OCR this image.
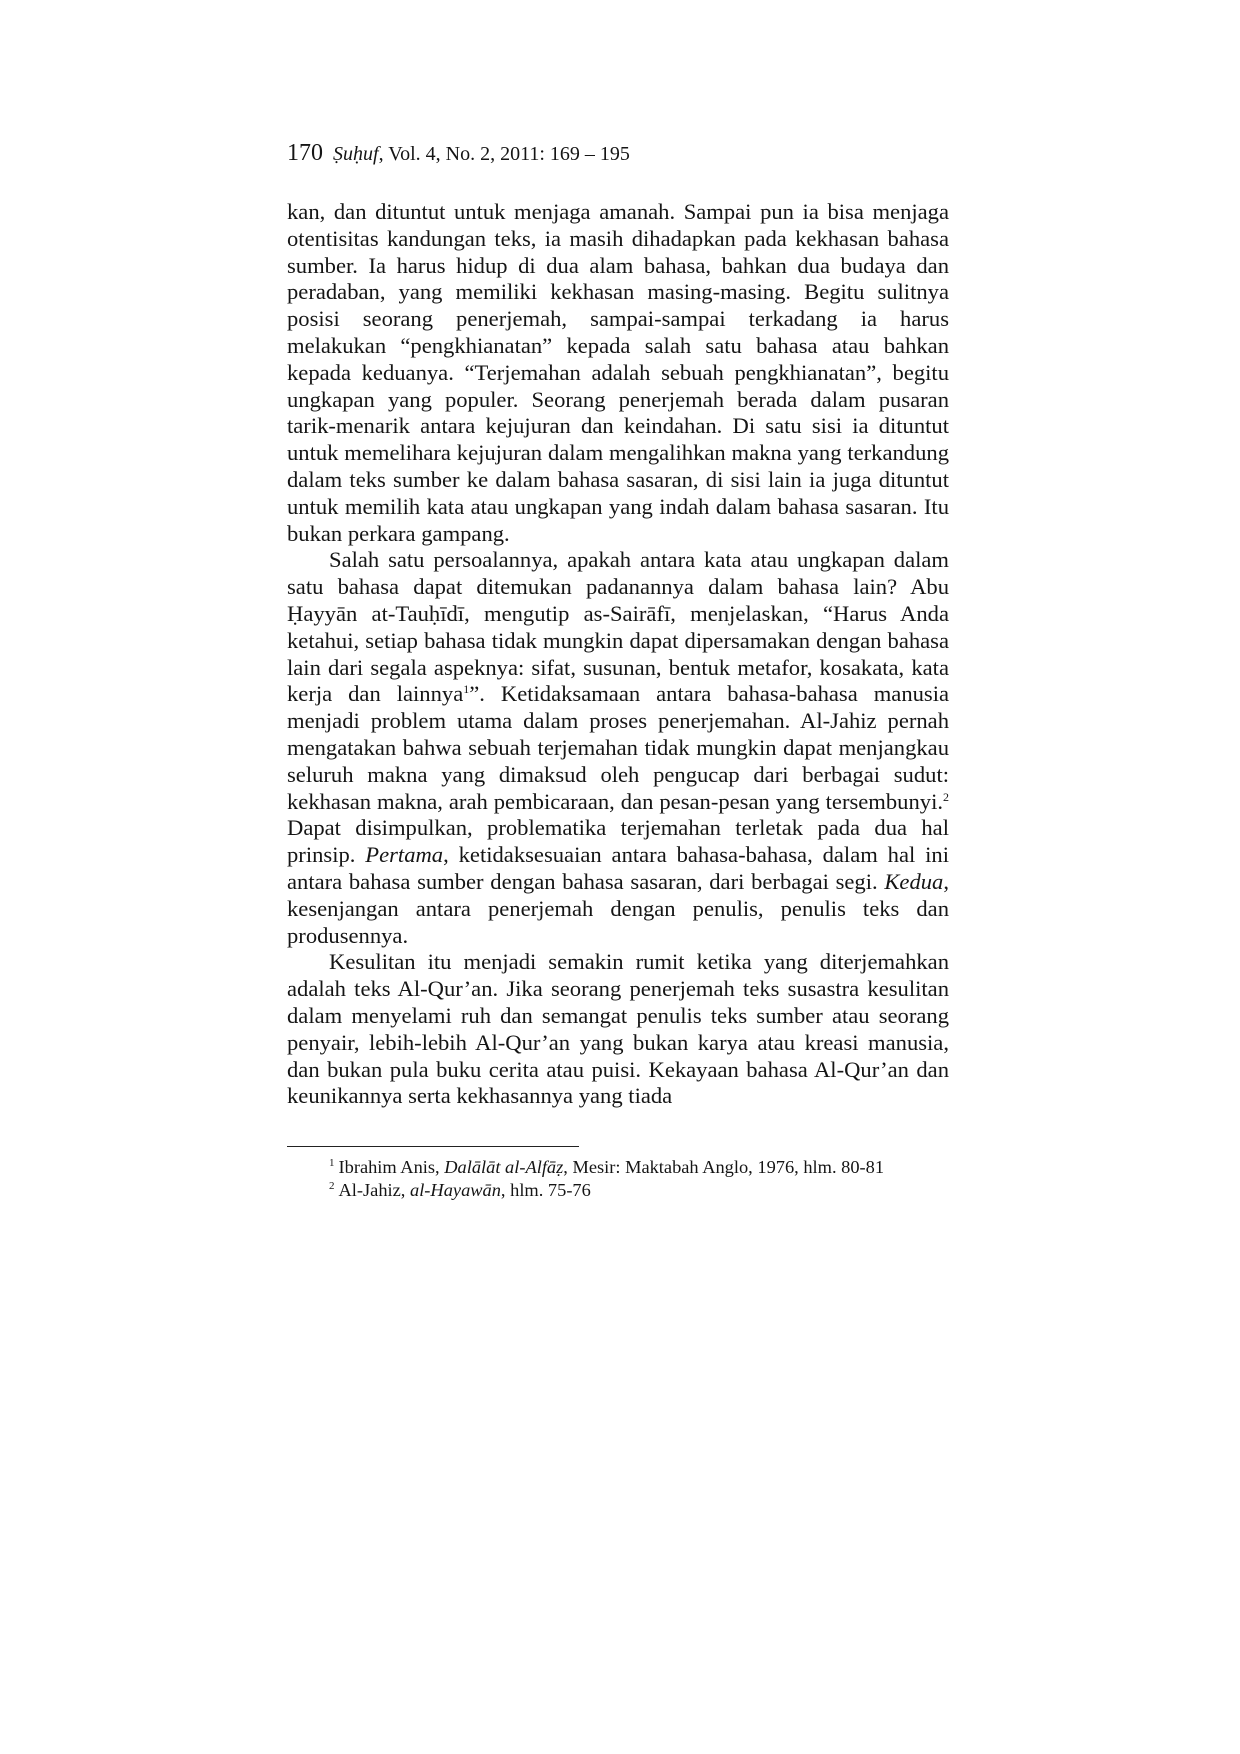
170 Ṣuḥuf, Vol. 4, No. 2, 2011: 169 – 195

kan, dan dituntut untuk menjaga amanah. Sampai pun ia bisa menjaga otentisitas kandungan teks, ia masih dihadapkan pada kekhasan bahasa sumber. Ia harus hidup di dua alam bahasa, bahkan dua budaya dan peradaban, yang memiliki kekhasan masing-masing. Begitu sulitnya posisi seorang penerjemah, sampai-sampai terkadang ia harus melakukan “pengkhianatan” kepada salah satu bahasa atau bahkan kepada keduanya. “Terjemahan adalah sebuah pengkhianatan”, begitu ungkapan yang populer. Seorang penerjemah berada dalam pusaran tarik-menarik antara kejujuran dan keindahan. Di satu sisi ia dituntut untuk memelihara kejujuran dalam mengalihkan makna yang terkandung dalam teks sumber ke dalam bahasa sasaran, di sisi lain ia juga dituntut untuk memilih kata atau ungkapan yang indah dalam bahasa sasaran. Itu bukan perkara gampang.

Salah satu persoalannya, apakah antara kata atau ungkapan dalam satu bahasa dapat ditemukan padanannya dalam bahasa lain? Abu Ḥayyān at-Tauḥīdī, mengutip as-Sairāfī, menjelaskan, “Harus Anda ketahui, setiap bahasa tidak mungkin dapat dipersamakan dengan bahasa lain dari segala aspeknya: sifat, susunan, bentuk metafor, kosakata, kata kerja dan lainnya$^1$”. Ketidaksamaan antara bahasa-bahasa manusia menjadi problem utama dalam proses penerjemahan. Al-Jahiz pernah mengatakan bahwa sebuah terjemahan tidak mungkin dapat menjangkau seluruh makna yang dimaksud oleh pengucap dari berbagai sudut: kekhasan makna, arah pembicaraan, dan pesan-pesan yang tersembunyi.$^2$ Dapat disimpulkan, problematika terjemahan terletak pada dua hal prinsip. Pertama, ketidaksesuaian antara bahasa-bahasa, dalam hal ini antara bahasa sumber dengan bahasa sasaran, dari berbagai segi. Kedua, kesenjangan antara penerjemah dengan penulis, penulis teks dan produsennya.

Kesulitan itu menjadi semakin rumit ketika yang diterjemahkan adalah teks Al-Qur’an. Jika seorang penerjemah teks susastra kesulitan dalam menyelami ruh dan semangat penulis teks sumber atau seorang penyair, lebih-lebih Al-Qur’an yang bukan karya atau kreasi manusia, dan bukan pula buku cerita atau puisi. Kekayaan bahasa Al-Qur’an dan keunikannya serta kekhasannya yang tiada

$^1$ Ibrahim Anis, Dalālāt al-Alfāẓ, Mesir: Maktabah Anglo, 1976, hlm. 80-81
$^2$ Al-Jahiz, al-Hayawān, hlm. 75-76
